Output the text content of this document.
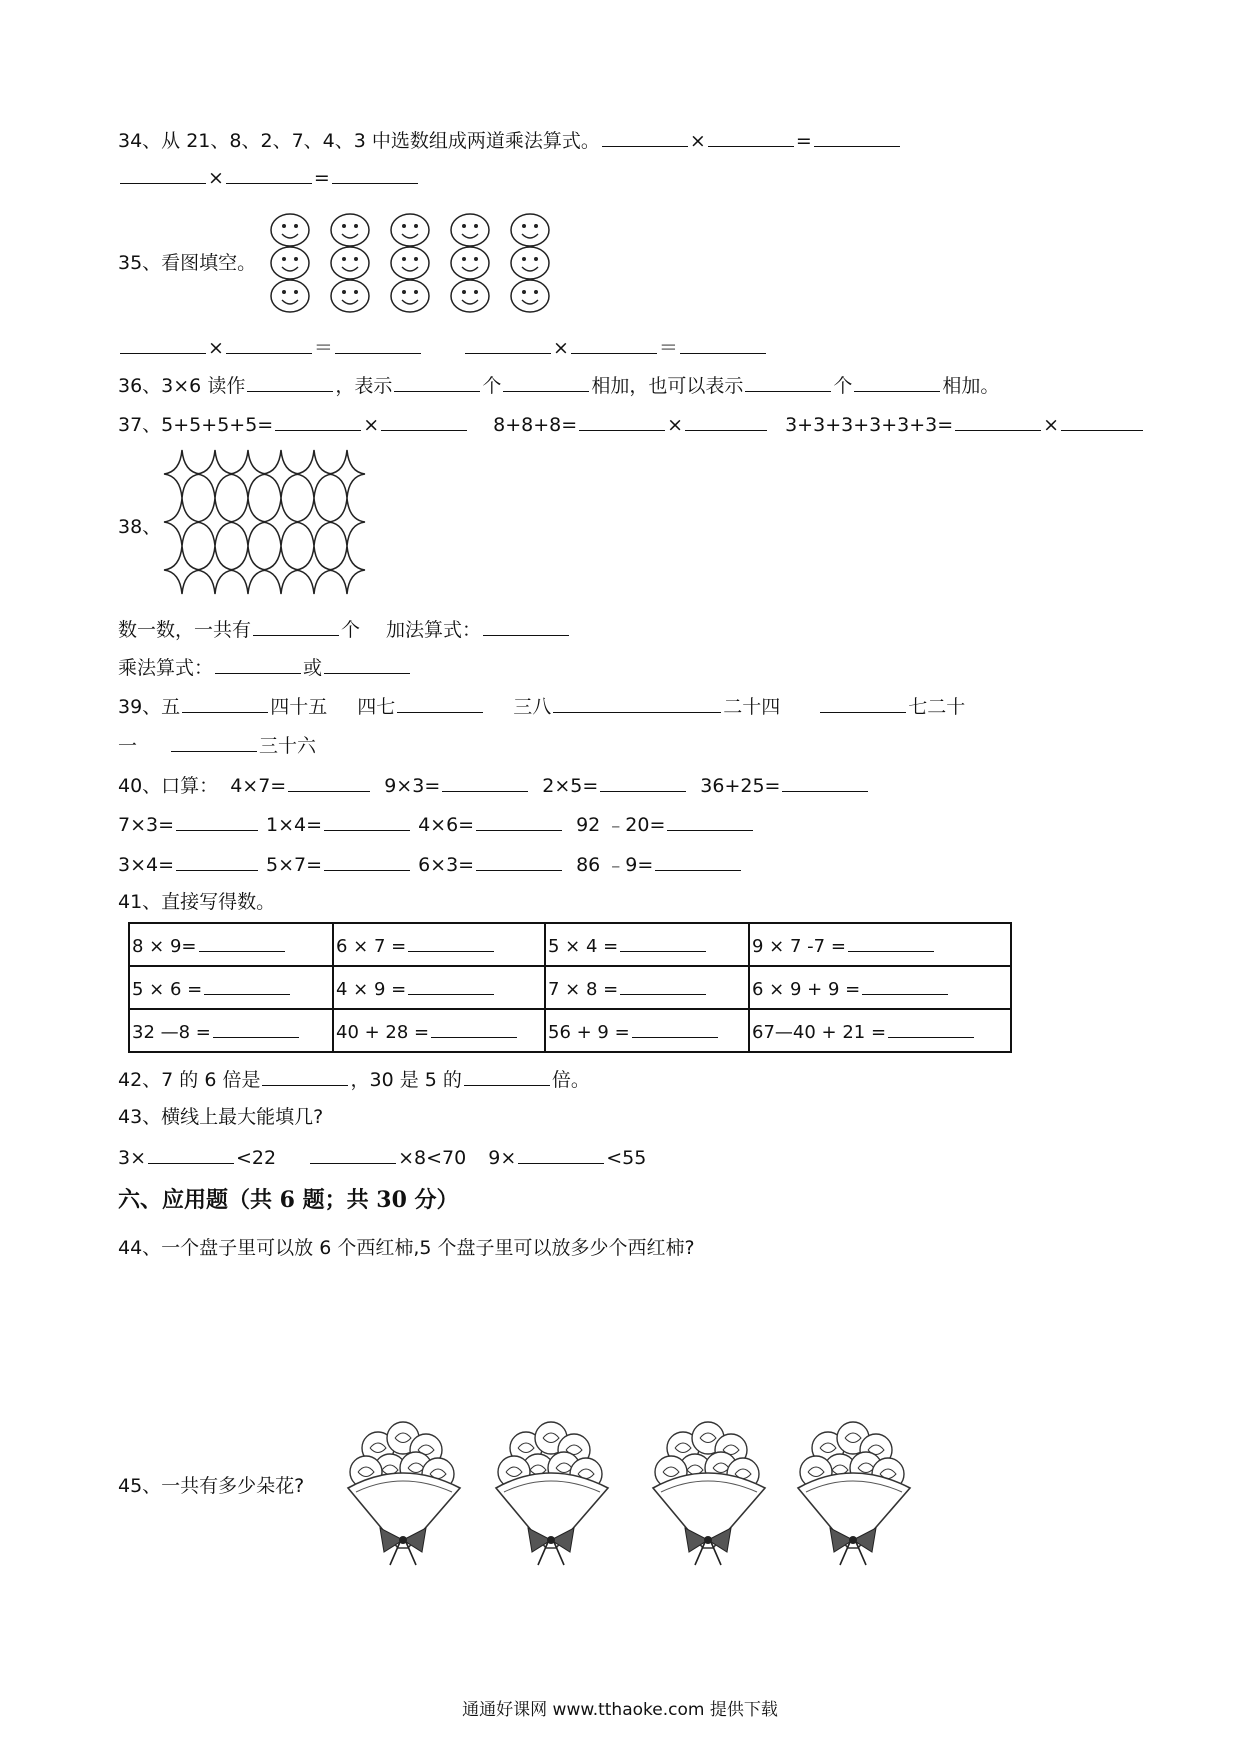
34、从 21、8、2、7、4、3 中选数组成两道乘法算式。	×	=
×	=
35、看图填空。
×	＝	×	＝
36、3×6 读作	，表示	个	相加，也可以表示	个	相加。
37、5+5+5+5=	×	8+8+8=	×	3+3+3+3+3+3=	×
38、
数一数，一共有	个 加法算式：
乘法算式：	或
39、五	四十五 四七	三八	二十四	七二十
一	三十六
40、口算： 4×7=	9×3=	2×5=	36+25=
7×3=	1×4=	4×6=	92 ﹣20=
3×4=	5×7=	6×3=	86 ﹣9=
41、直接写得数。
8 × 9=	6 × 7 =	5 × 4 =	9 × 7 -7 =
5 × 6 =	4 × 9 =	7 × 8 =	6 × 9 + 9 =
32 —8 =	40 + 28 =	56 + 9 =	67—40 + 21 =
42、7 的 6 倍是	，30 是 5 的	倍。
43、横线上最大能填几?
3×	<22	×8<70 9×	<55
六、应用题（共 6 题；共 30 分）
44、一个盘子里可以放 6 个西红柿,5 个盘子里可以放多少个西红柿?
45、一共有多少朵花?
通通好课网 www.tthaoke.com 提供下载
